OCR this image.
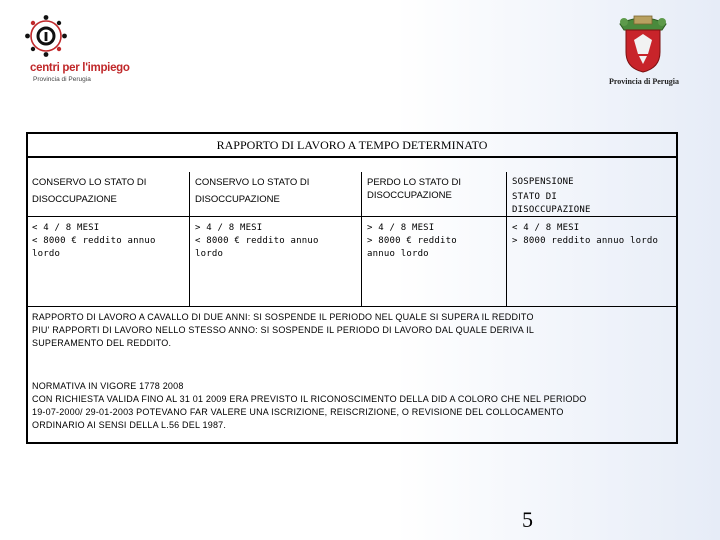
centri per l'impiego
Provincia di Perugia	Provincia di Perugia
RAPPORTO DI LAVORO A TEMPO DETERMINATO
CONSERVO LO STATO DI
DISOCCUPAZIONE
CONSERVO LO STATO DI
DISOCCUPAZIONE
PERDO LO STATO DI
DISOCCUPAZIONE
SOSPENSIONE
STATO DI
DISOCCUPAZIONE
< 4 / 8 MESI
< 8000 € reddito annuo
lordo
> 4 / 8 MESI
< 8000 € reddito annuo
lordo
> 4 / 8 MESI
> 8000 € reddito
annuo lordo
< 4 / 8 MESI
> 8000 reddito annuo lordo

RAPPORTO DI LAVORO A CAVALLO DI DUE ANNI: SI SOSPENDE IL PERIODO NEL QUALE SI SUPERA IL REDDITO

PIU' RAPPORTI DI LAVORO NELLO STESSO ANNO: SI SOSPENDE IL PERIODO DI LAVORO DAL QUALE DERIVA IL

SUPERAMENTO DEL REDDITO.

NORMATIVA IN VIGORE 1778 2008

CON RICHIESTA VALIDA FINO AL 31 01 2009 ERA PREVISTO IL RICONOSCIMENTO DELLA DID A COLORO CHE NEL PERIODO

19-07-2000/ 29-01-2003 POTEVANO FAR VALERE UNA ISCRIZIONE, REISCRIZIONE, O REVISIONE DEL COLLOCAMENTO

ORDINARIO AI SENSI DELLA L.56 DEL 1987.

5
